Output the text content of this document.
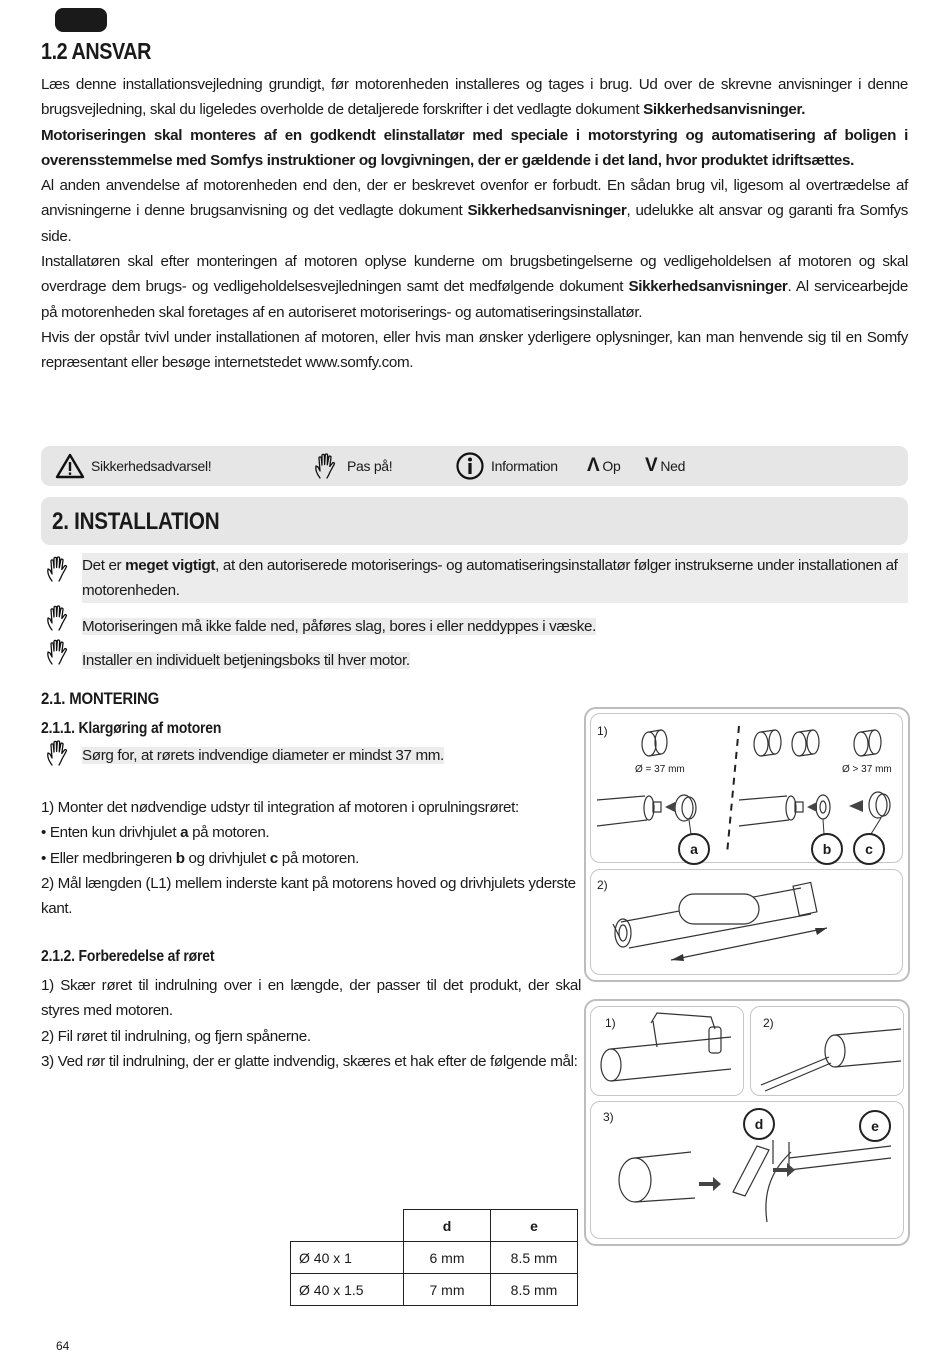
1.2 ANSVAR

Læs denne installationsvejledning grundigt, før motorenheden installeres og tages i brug. Ud over de skrevne anvisninger i denne brugsvejledning, skal du ligeledes overholde de detaljerede forskrifter i det vedlagte dokument Sikkerhedsanvisninger.

Motoriseringen skal monteres af en godkendt elinstallatør med speciale i motorstyring og automatisering af boligen i overensstemmelse med Somfys instruktioner og lovgivningen, der er gældende i det land, hvor produktet idriftsættes.

Al anden anvendelse af motorenheden end den, der er beskrevet ovenfor er forbudt. En sådan brug vil, ligesom al overtrædelse af anvisningerne i denne brugsanvisning og det vedlagte dokument Sikkerhedsanvisninger, udelukke alt ansvar og garanti fra Somfys side.

Installatøren skal efter monteringen af motoren oplyse kunderne om brugsbetingelserne og vedligeholdelsen af motoren og skal overdrage dem brugs- og vedligeholdelsesvejledningen samt det medfølgende dokument Sikkerhedsanvisninger. Al servicearbejde på motorenheden skal foretages af en autoriseret motoriserings- og automatiseringsinstallatør.

Hvis der opstår tvivl under installationen af motoren, eller hvis man ønsker yderligere oplysninger, kan man henvende sig til en Somfy repræsentant eller besøge internetstedet www.somfy.com.

Sikkerhedsadvarsel!	Pas på!	Information Λ Op V Ned
2. INSTALLATION
Det er meget vigtigt, at den autoriserede motoriserings- og automatiseringsinstallatør følger instrukserne under installationen af motorenheden.
Motoriseringen må ikke falde ned, påføres slag, bores i eller neddyppes i væske.
Installer en individuelt betjeningsboks til hver motor.
2.1. MONTERING
2.1.1. Klargøring af motoren
Sørg for, at rørets indvendige diameter er mindst 37 mm.

1) Monter det nødvendige udstyr til integration af motoren i oprulningsrøret:

• Enten kun drivhjulet a på motoren.

• Eller medbringeren b og drivhjulet c på motoren.

2) Mål længden (L1) mellem inderste kant på motorens hoved og drivhjulets yderste kant.

2.1.2. Forberedelse af røret

1) Skær røret til indrulning over i en længde, der passer til det produkt, der skal styres med motoren.

2) Fil røret til indrulning, og fjern spånerne.

3) Ved rør til indrulning, der er glatte indvendig, skæres et hak efter de følgende mål:

1)
Ø = 37 mm	Ø > 37 mm
a	b	c
2)
1)	2)
3)	d	e
	d	e
Ø 40 x 1	6 mm	8.5 mm
Ø 40 x 1.5	7 mm	8.5 mm
64
